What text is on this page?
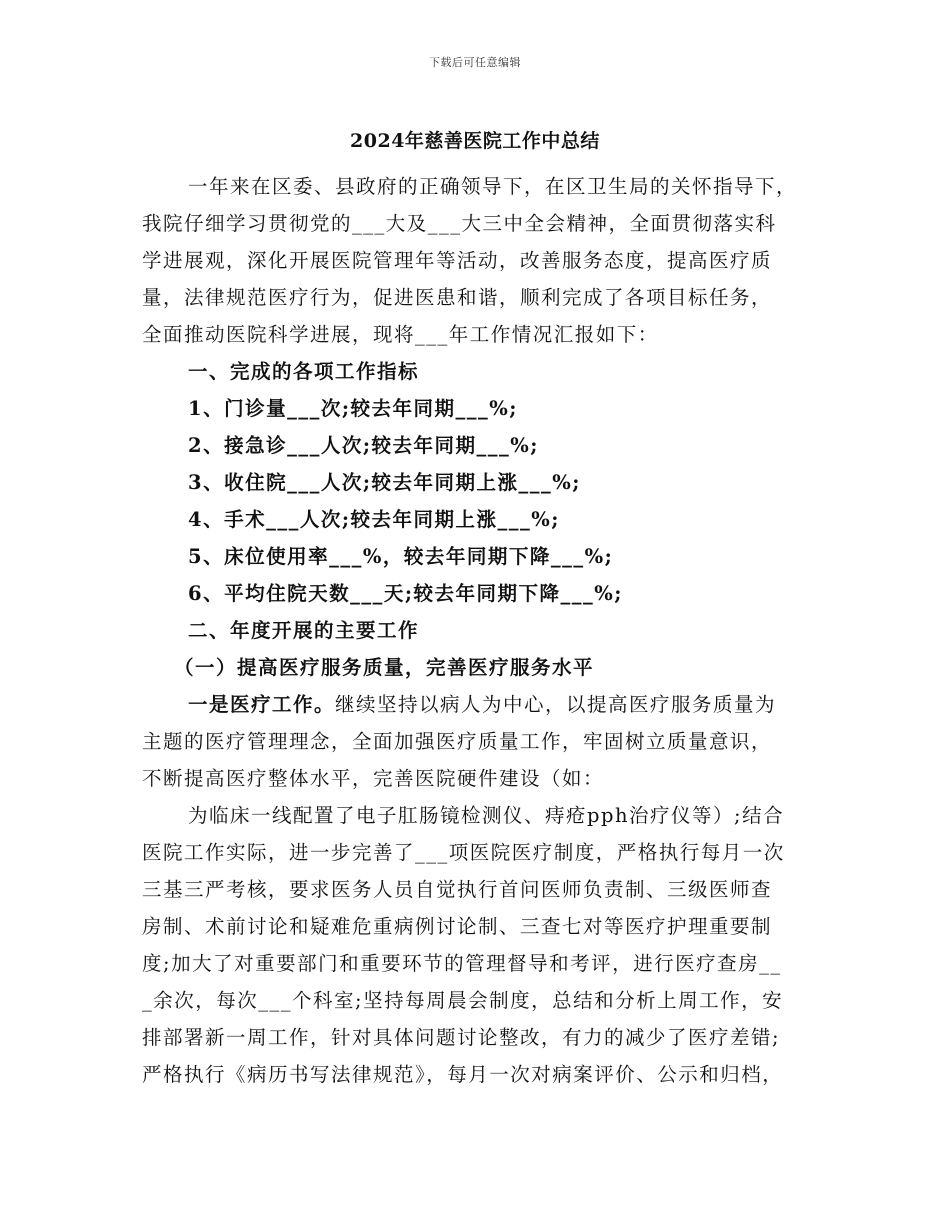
下载后可任意编辑
2024年慈善医院工作中总结
一年来在区委、县政府的正确领导下，在区卫生局的关怀指导下，
我院仔细学习贯彻党的___大及___大三中全会精神，全面贯彻落实科
学进展观，深化开展医院管理年等活动，改善服务态度，提高医疗质
量，法律规范医疗行为，促进医患和谐，顺利完成了各项目标任务，
全面推动医院科学进展，现将___年工作情况汇报如下：
一、完成的各项工作指标
1、门诊量___次;较去年同期___%;
2、接急诊___人次;较去年同期___%;
3、收住院___人次;较去年同期上涨___%;
4、手术___人次;较去年同期上涨___%;
5、床位使用率___%，较去年同期下降___%;
6、平均住院天数___天;较去年同期下降___%;
二、年度开展的主要工作
（一）提高医疗服务质量，完善医疗服务水平
一是医疗工作。继续坚持以病人为中心，以提高医疗服务质量为
主题的医疗管理理念，全面加强医疗质量工作，牢固树立质量意识，
不断提高医疗整体水平，完善医院硬件建设（如：
为临床一线配置了电子肛肠镜检测仪、痔疮pph治疗仪等）;结合
医院工作实际，进一步完善了___项医院医疗制度，严格执行每月一次
三基三严考核，要求医务人员自觉执行首问医师负责制、三级医师查
房制、术前讨论和疑难危重病例讨论制、三查七对等医疗护理重要制
度;加大了对重要部门和重要环节的管理督导和考评，进行医疗查房__
_余次，每次___个科室;坚持每周晨会制度，总结和分析上周工作，安
排部署新一周工作，针对具体问题讨论整改，有力的减少了医疗差错;
严格执行《病历书写法律规范》，每月一次对病案评价、公示和归档，
